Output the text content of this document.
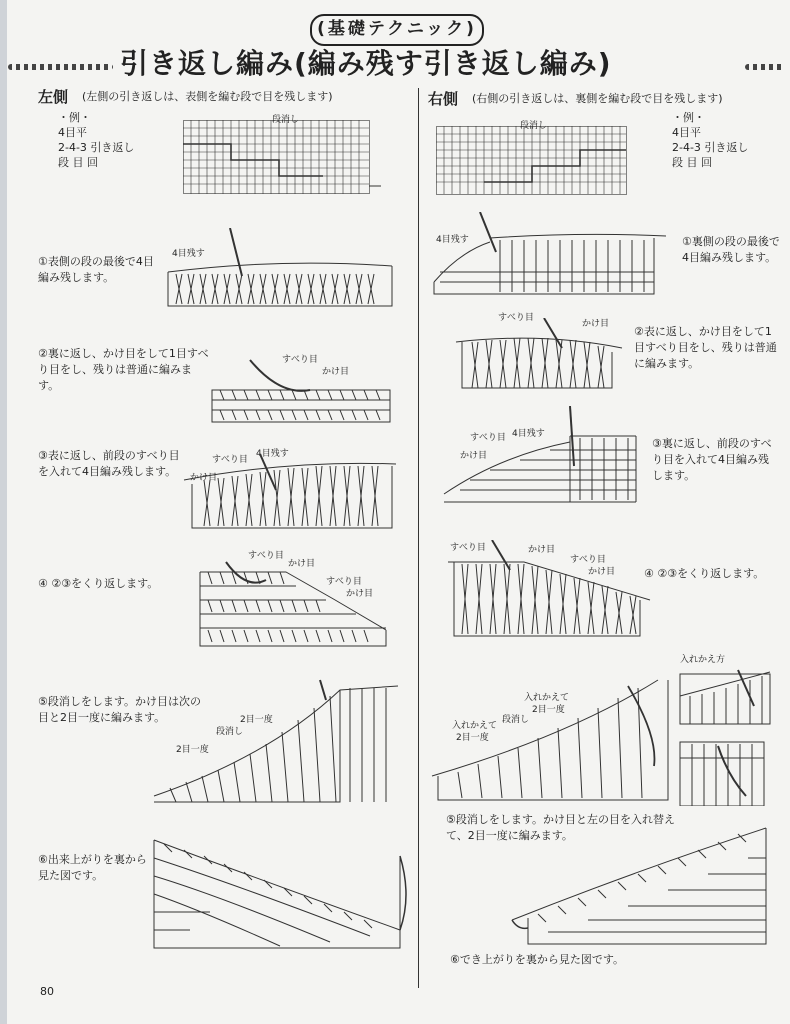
(基礎テクニック)
引き返し編み(編み残す引き返し編み)
左側 (左側の引き返しは、表側を編む段で目を残します)
・例・
4目平
2-4-3 引き返し
段 目 回
段消し
①表側の段の最後で4目編み残します。
4目残す
②裏に返し、かけ目をして1目すべり目をし、残りは普通に編みます。
すべり目
かけ目
③表に返し、前段のすべり目を入れて4目編み残します。
すべり目
4目残す
かけ目
④ ②③をくり返します。
すべり目
かけ目
すべり目
かけ目
⑤段消しをします。かけ目は次の目と2目一度に編みます。
段消し
2目一度
2目一度
⑥出来上がりを裏から見た図です。
右側 (右側の引き返しは、裏側を編む段で目を残します)
・例・
4目平
2-4-3 引き返し
段 目 回
段消し
①裏側の段の最後で4目編み残します。
4目残す
②表に返し、かけ目をして1目すべり目をし、残りは普通に編みます。
すべり目
かけ目
③裏に返し、前段のすべり目を入れて4目編み残します。
すべり目 4目残す
かけ目
④ ②③をくり返します。
すべり目	かけ目
すべり目
かけ目
⑤段消しをします。かけ目と左の目を入れ替えて、2目一度に編みます。
入れかえ方
入れかえて
2目一度
段消し
入れかえて
2目一度
⑥でき上がりを裏から見た図です。
80
